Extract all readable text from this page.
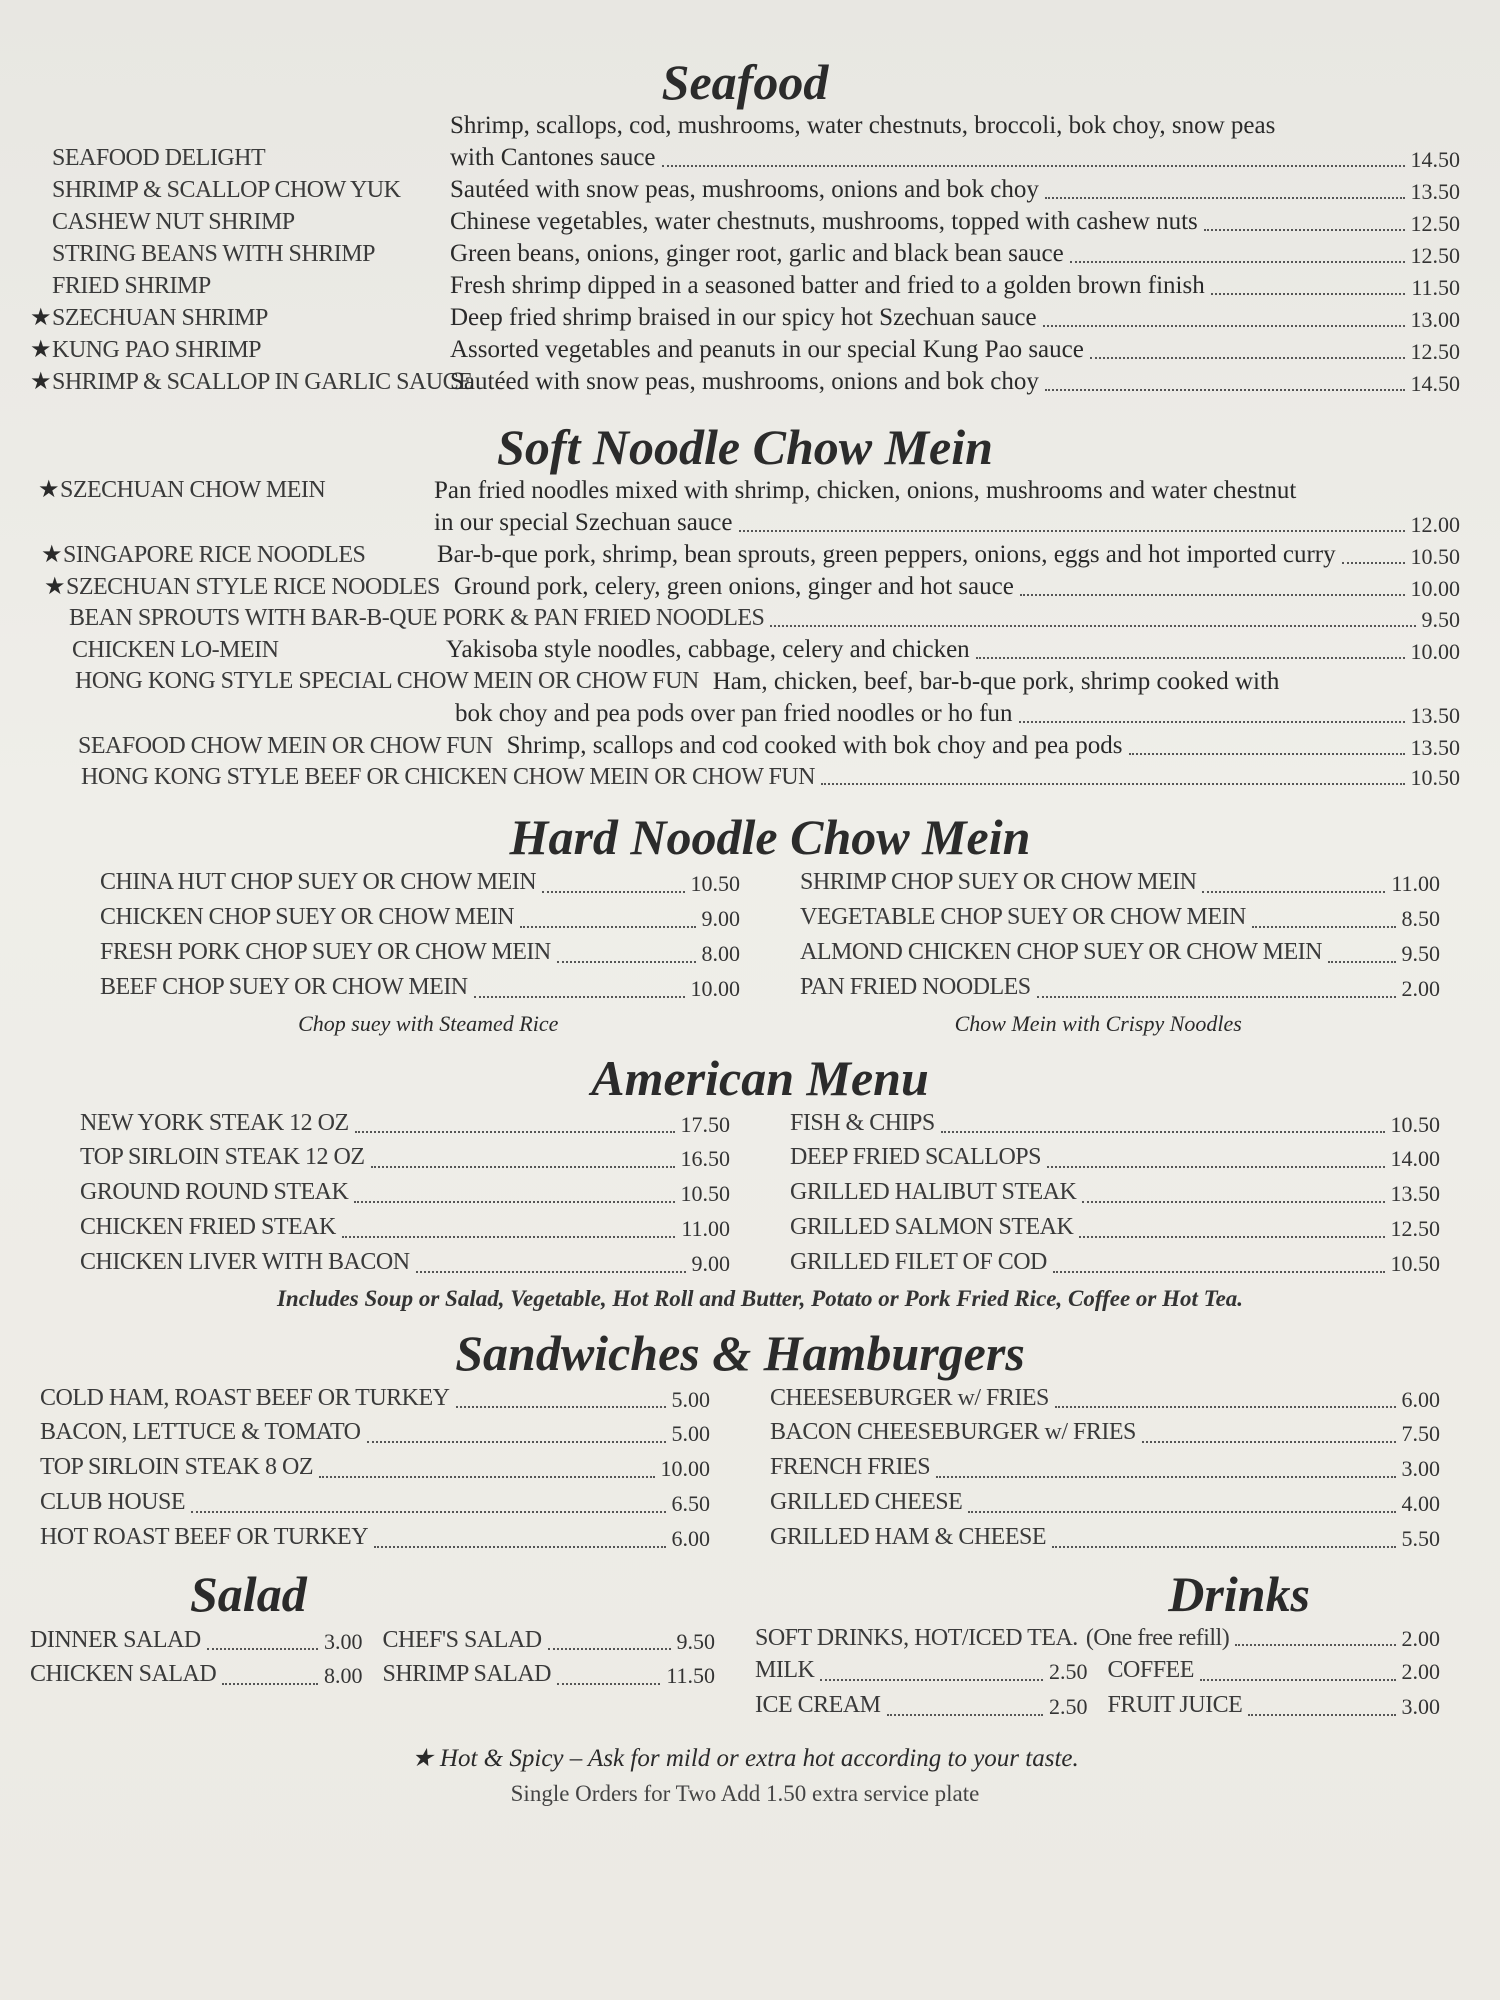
Seafood
SEAFOOD DELIGHT
Shrimp, scallops, cod, mushrooms, water chestnuts, broccoli, bok choy, snow peas
with Cantones sauce	14.50
SHRIMP & SCALLOP CHOW YUK Sautéed with snow peas, mushrooms, onions and bok choy	13.50
CASHEW NUT SHRIMP	Chinese vegetables, water chestnuts, mushrooms, topped with cashew nuts	12.50
STRING BEANS WITH SHRIMP	Green beans, onions, ginger root, garlic and black bean sauce	12.50
FRIED SHRIMP	Fresh shrimp dipped in a seasoned batter and fried to a golden brown finish	11.50
★ SZECHUAN SHRIMP	Deep fried shrimp braised in our spicy hot Szechuan sauce	13.00
★ KUNG PAO SHRIMP	Assorted vegetables and peanuts in our special Kung Pao sauce	12.50
★ SHRIMP & SCALLOP IN GARLIC SAUCE
Sautéed with snow peas, mushrooms, onions and bok choy	14.50
Soft Noodle Chow Mein
★ SZECHUAN CHOW MEIN	Pan fried noodles mixed with shrimp, chicken, onions, mushrooms and water chestnut
in our special Szechuan sauce	12.00
★ SINGAPORE RICE NOODLES	Bar-b-que pork, shrimp, bean sprouts, green peppers, onions, eggs and hot imported curry	10.50
★ SZECHUAN STYLE RICE NOODLES Ground pork, celery, green onions, ginger and hot sauce	10.00
BEAN SPROUTS WITH BAR-B-QUE PORK & PAN FRIED NOODLES	9.50
CHICKEN LO-MEIN	Yakisoba style noodles, cabbage, celery and chicken	10.00
HONG KONG STYLE SPECIAL CHOW MEIN OR CHOW FUN Ham, chicken, beef, bar-b-que pork, shrimp cooked with
bok choy and pea pods over pan fried noodles or ho fun	13.50
SEAFOOD CHOW MEIN OR CHOW FUN Shrimp, scallops and cod cooked with bok choy and pea pods	13.50
HONG KONG STYLE BEEF OR CHICKEN CHOW MEIN OR CHOW FUN	10.50
Hard Noodle Chow Mein
CHINA HUT CHOP SUEY OR CHOW MEIN	10.50
CHICKEN CHOP SUEY OR CHOW MEIN	9.00
FRESH PORK CHOP SUEY OR CHOW MEIN	8.00
BEEF CHOP SUEY OR CHOW MEIN	10.00
SHRIMP CHOP SUEY OR CHOW MEIN	11.00
VEGETABLE CHOP SUEY OR CHOW MEIN	8.50
ALMOND CHICKEN CHOP SUEY OR CHOW MEIN	9.50
PAN FRIED NOODLES	2.00
Chop suey with Steamed Rice	Chow Mein with Crispy Noodles
American Menu
NEW YORK STEAK 12 OZ	17.50
TOP SIRLOIN STEAK 12 OZ	16.50
GROUND ROUND STEAK	10.50
CHICKEN FRIED STEAK	11.00
CHICKEN LIVER WITH BACON	9.00
FISH & CHIPS	10.50
DEEP FRIED SCALLOPS	14.00
GRILLED HALIBUT STEAK	13.50
GRILLED SALMON STEAK	12.50
GRILLED FILET OF COD	10.50
Includes Soup or Salad, Vegetable, Hot Roll and Butter, Potato or Pork Fried Rice, Coffee or Hot Tea.
Sandwiches & Hamburgers
COLD HAM, ROAST BEEF OR TURKEY	5.00
BACON, LETTUCE & TOMATO	5.00
TOP SIRLOIN STEAK 8 OZ	10.00
CLUB HOUSE	6.50
HOT ROAST BEEF OR TURKEY	6.00
CHEESEBURGER w/ FRIES	6.00
BACON CHEESEBURGER w/ FRIES	7.50
FRENCH FRIES	3.00
GRILLED CHEESE	4.00
GRILLED HAM & CHEESE	5.50
Salad
DINNER SALAD	3.00 CHEF'S SALAD	9.50
CHICKEN SALAD	8.00 SHRIMP SALAD	11.50
Drinks
SOFT DRINKS, HOT/ICED TEA. (One free refill)	2.00
MILK	2.50 COFFEE	2.00
ICE CREAM	2.50 FRUIT JUICE	3.00
★ Hot & Spicy – Ask for mild or extra hot according to your taste.
Single Orders for Two Add 1.50 extra service plate
